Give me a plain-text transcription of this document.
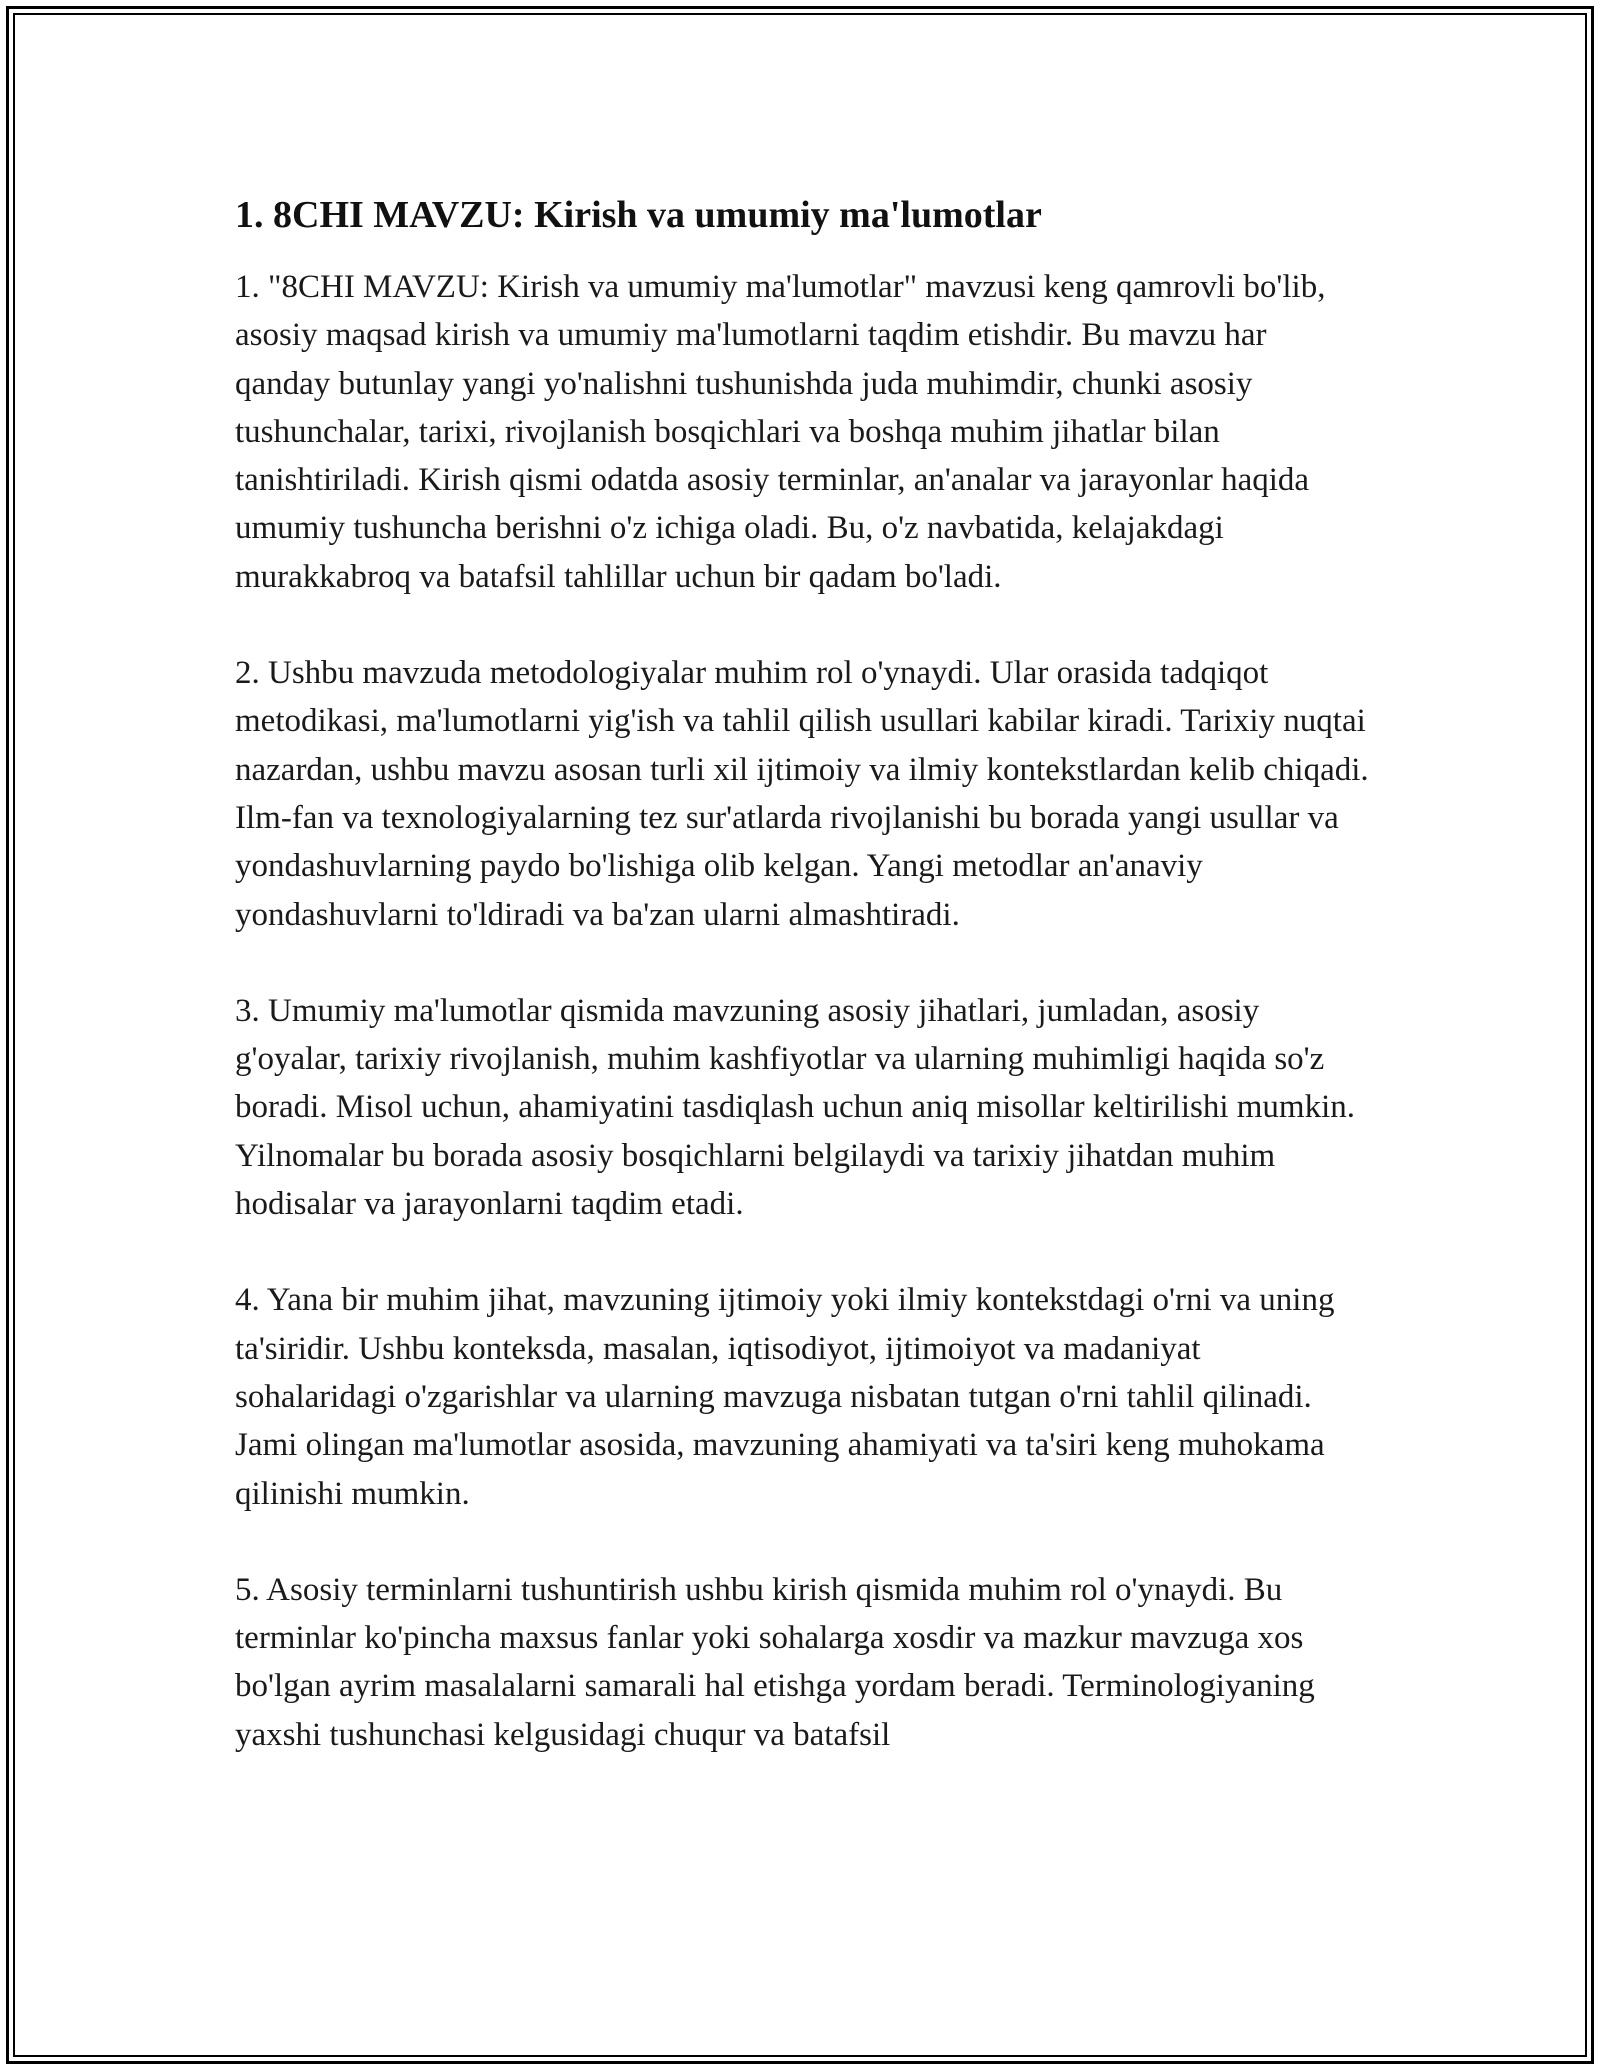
1. 8CHI MAVZU: Kirish va umumiy ma'lumotlar

1. "8CHI MAVZU: Kirish va umumiy ma'lumotlar" mavzusi keng qamrovli bo'lib, asosiy maqsad kirish va umumiy ma'lumotlarni taqdim etishdir. Bu mavzu har qanday butunlay yangi yo'nalishni tushunishda juda muhimdir, chunki asosiy tushunchalar, tarixi, rivojlanish bosqichlari va boshqa muhim jihatlar bilan tanishtiriladi. Kirish qismi odatda asosiy terminlar, an'analar va jarayonlar haqida umumiy tushuncha berishni o'z ichiga oladi. Bu, o'z navbatida, kelajakdagi murakkabroq va batafsil tahlillar uchun bir qadam bo'ladi.

2. Ushbu mavzuda metodologiyalar muhim rol o'ynaydi. Ular orasida tadqiqot metodikasi, ma'lumotlarni yig'ish va tahlil qilish usullari kabilar kiradi. Tarixiy nuqtai nazardan, ushbu mavzu asosan turli xil ijtimoiy va ilmiy kontekstlardan kelib chiqadi. Ilm-fan va texnologiyalarning tez sur'atlarda rivojlanishi bu borada yangi usullar va yondashuvlarning paydo bo'lishiga olib kelgan. Yangi metodlar an'anaviy yondashuvlarni to'ldiradi va ba'zan ularni almashtiradi.

3. Umumiy ma'lumotlar qismida mavzuning asosiy jihatlari, jumladan, asosiy g'oyalar, tarixiy rivojlanish, muhim kashfiyotlar va ularning muhimligi haqida so'z boradi. Misol uchun, ahamiyatini tasdiqlash uchun aniq misollar keltirilishi mumkin. Yilnomalar bu borada asosiy bosqichlarni belgilaydi va tarixiy jihatdan muhim hodisalar va jarayonlarni taqdim etadi.

4. Yana bir muhim jihat, mavzuning ijtimoiy yoki ilmiy kontekstdagi o'rni va uning ta'siridir. Ushbu konteksda, masalan, iqtisodiyot, ijtimoiyot va madaniyat sohalaridagi o'zgarishlar va ularning mavzuga nisbatan tutgan o'rni tahlil qilinadi. Jami olingan ma'lumotlar asosida, mavzuning ahamiyati va ta'siri keng muhokama qilinishi mumkin.

5. Asosiy terminlarni tushuntirish ushbu kirish qismida muhim rol o'ynaydi. Bu terminlar ko'pincha maxsus fanlar yoki sohalarga xosdir va mazkur mavzuga xos bo'lgan ayrim masalalarni samarali hal etishga yordam beradi. Terminologiyaning yaxshi tushunchasi kelgusidagi chuqur va batafsil
